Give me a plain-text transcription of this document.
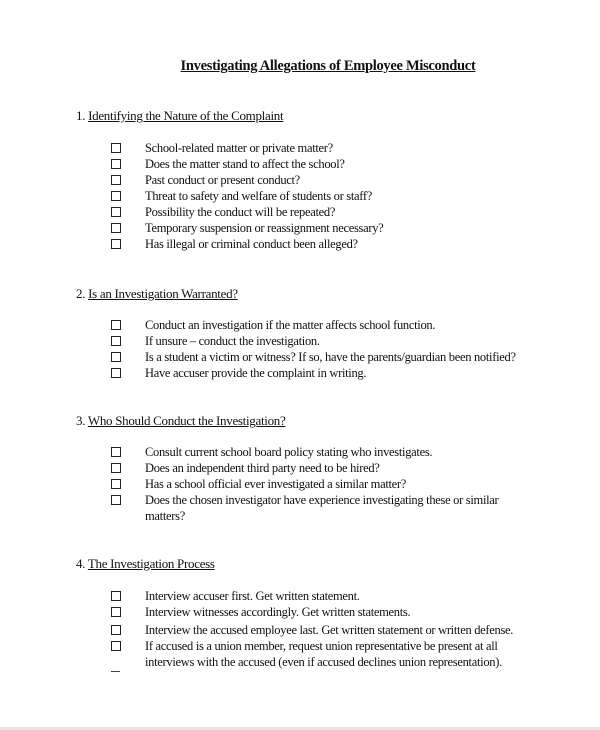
Investigating Allegations of Employee Misconduct
1. Identifying the Nature of the Complaint
School-related matter or private matter?
Does the matter stand to affect the school?
Past conduct or present conduct?
Threat to safety and welfare of students or staff?
Possibility the conduct will be repeated?
Temporary suspension or reassignment necessary?
Has illegal or criminal conduct been alleged?
2. Is an Investigation Warranted?
Conduct an investigation if the matter affects school function.
If unsure – conduct the investigation.
Is a student a victim or witness? If so, have the parents/guardian been notified?
Have accuser provide the complaint in writing.
3. Who Should Conduct the Investigation?
Consult current school board policy stating who investigates.
Does an independent third party need to be hired?
Has a school official ever investigated a similar matter?
Does the chosen investigator have experience investigating these or similar
matters?
4. The Investigation Process
Interview accuser first. Get written statement.
Interview witnesses accordingly. Get written statements.
Interview the accused employee last. Get written statement or written defense.
If accused is a union member, request union representative be present at all
interviews with the accused (even if accused declines union representation).
